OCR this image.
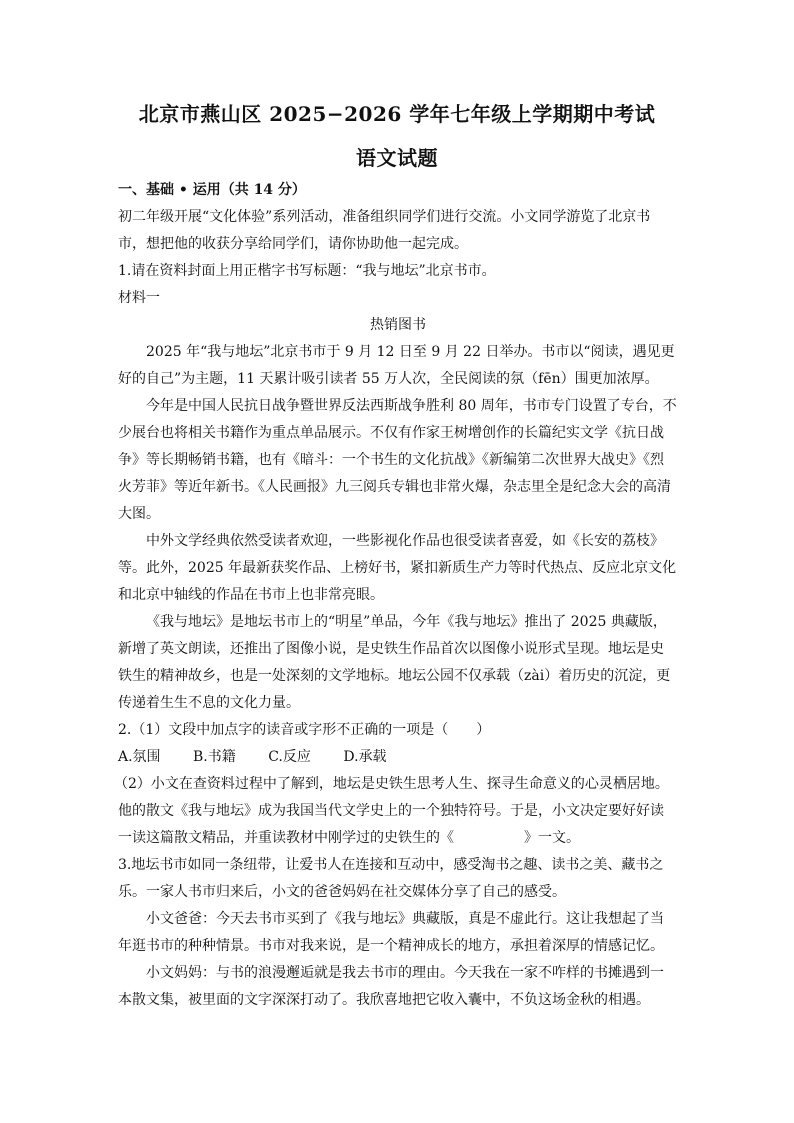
北京市燕山区 2025−2026 学年七年级上学期期中考试
语文试题
一、基础 • 运用（共 14 分）
初二年级开展“文化体验”系列活动，准备组织同学们进行交流。小文同学游览了北京书
市，想把他的收获分享给同学们，请你协助他一起完成。
1.请在资料封面上用正楷字书写标题：“我与地坛”北京书市。
材料一
热销图书
2025 年“我与地坛”北京书市于 9 月 12 日至 9 月 22 日举办。书市以“阅读，遇见更
好的自己”为主题，11 天累计吸引读者 55 万人次，全民阅读的氛（fēn）围更加浓厚。
今年是中国人民抗日战争暨世界反法西斯战争胜利 80 周年，书市专门设置了专台，不
少展台也将相关书籍作为重点单品展示。不仅有作家王树增创作的长篇纪实文学《抗日战
争》等长期畅销书籍，也有《暗斗：一个书生的文化抗战》《新编第二次世界大战史》《烈
火芳菲》等近年新书。《人民画报》九三阅兵专辑也非常火爆，杂志里全是纪念大会的高清
大图。
中外文学经典依然受读者欢迎，一些影视化作品也很受读者喜爱，如《长安的荔枝》
等。此外，2025 年最新获奖作品、上榜好书，紧扣新质生产力等时代热点、反应北京文化
和北京中轴线的作品在书市上也非常亮眼。
《我与地坛》是地坛书市上的“明星”单品，今年《我与地坛》推出了 2025 典藏版，
新增了英文朗读，还推出了图像小说，是史铁生作品首次以图像小说形式呈现。地坛是史
铁生的精神故乡，也是一处深刻的文学地标。地坛公园不仅承载（zài）着历史的沉淀，更
传递着生生不息的文化力量。
2.（1）文段中加点字的读音或字形不正确的一项是（　　）
A.氛围 B.书籍 C.反应 D.承载
（2）小文在查资料过程中了解到，地坛是史铁生思考人生、探寻生命意义的心灵栖居地。
他的散文《我与地坛》成为我国当代文学史上的一个独特符号。于是，小文决定要好好读
一读这篇散文精品，并重读教材中刚学过的史铁生的《　　　　　》一文。
3.地坛书市如同一条纽带，让爱书人在连接和互动中，感受淘书之趣、读书之美、藏书之
乐。一家人书市归来后，小文的爸爸妈妈在社交媒体分享了自己的感受。
小文爸爸：今天去书市买到了《我与地坛》典藏版，真是不虚此行。这让我想起了当
年逛书市的种种情景。书市对我来说，是一个精神成长的地方，承担着深厚的情感记忆。
小文妈妈：与书的浪漫邂逅就是我去书市的理由。今天我在一家不咋样的书摊遇到一
本散文集，被里面的文字深深打动了。我欣喜地把它收入囊中，不负这场金秋的相遇。
